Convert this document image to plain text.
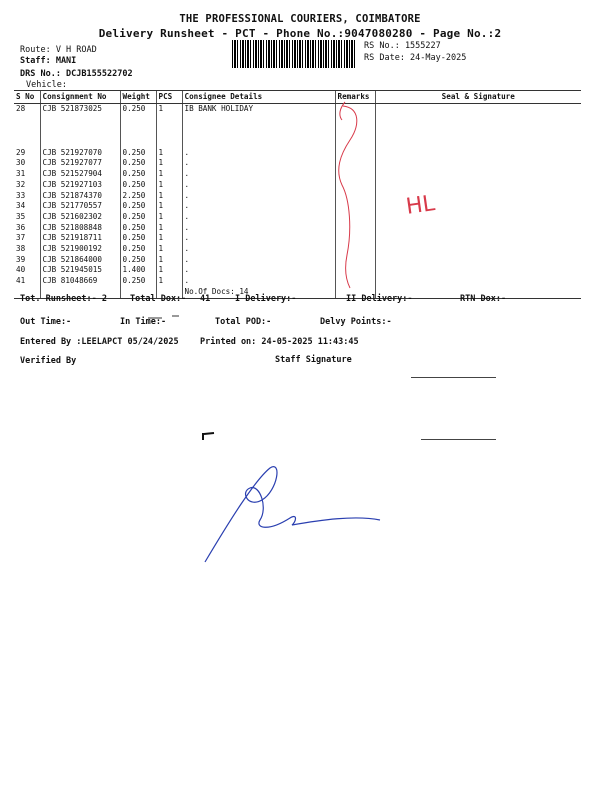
THE PROFESSIONAL COURIERS, COIMBATORE
Delivery Runsheet - PCT - Phone No.:9047080280 - Page No.:2
Route: V H ROAD
Staff: MANI
DRS No.: DCJB155522702
Vehicle:
RS No.: 1555227
RS Date: 24-May-2025
S No	Consignment No	Weight	PCS	Consignee Details	Remarks	Seal & Signature
28	CJB 521873025	0.250	1	IB BANK HOLIDAY		

29	CJB 521927070	0.250	1	.		
30	CJB 521927077	0.250	1	.		
31	CJB 521527904	0.250	1	.		
32	CJB 521927103	0.250	1	.		
33	CJB 521874370	2.250	1	.		
34	CJB 521770557	0.250	1	.		
35	CJB 521602302	0.250	1	.		
36	CJB 521808848	0.250	1	.		
37	CJB 521918711	0.250	1	.		
38	CJB 521900192	0.250	1	.		
39	CJB 521864000	0.250	1	.		
40	CJB 521945015	1.400	1	.		
41	CJB 81048669	0.250	1	.		
				No.Of Docs: 14		
Tot. Runsheet:- 2	Total Dox:- 41	I Delivery:-	II Delivery:-	RTN Dox:-
Out Time:-	In Time:-	Total POD:-	Delvy Points:-
Entered By :LEELAPCT 05/24/2025	Printed on: 24-05-2025 11:43:45
Verified By	Staff Signature
HL
